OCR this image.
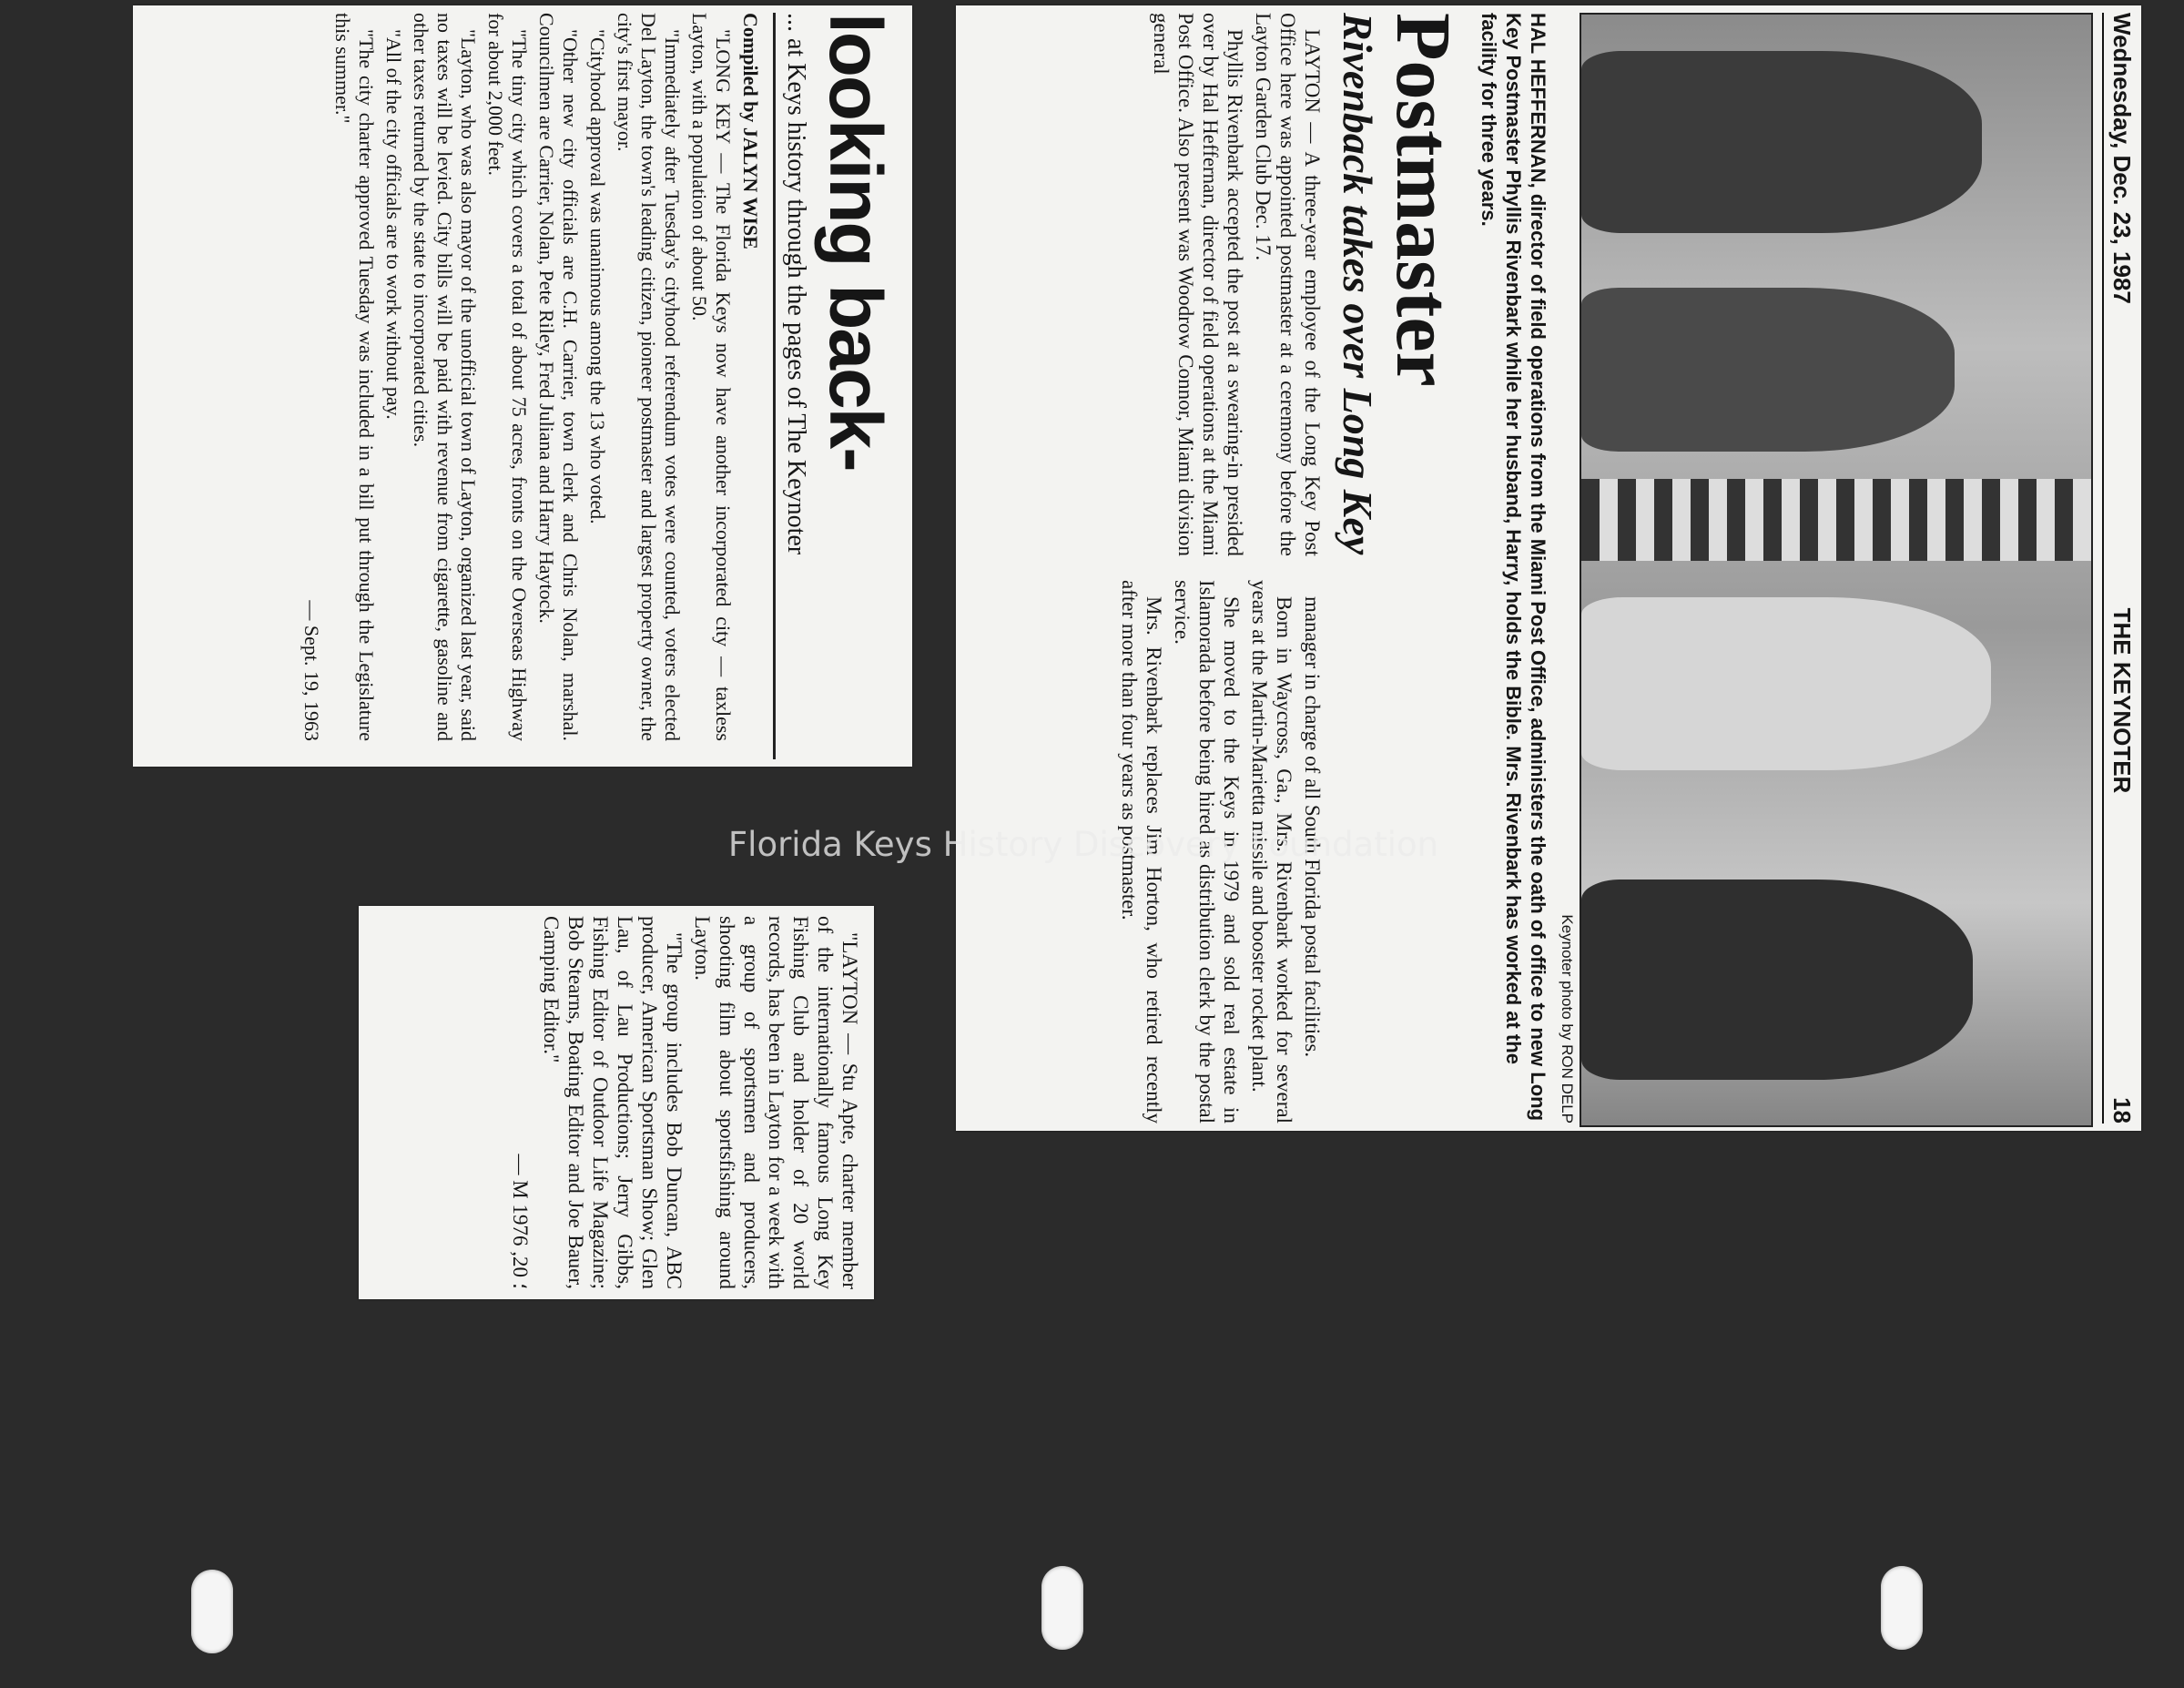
looking back-
... at Keys history through the pages of The Keynoter

Compiled by JALYN WISE

"LONG KEY — The Florida Keys now have another incorporated city — taxless Layton, with a population of about 50.

"Immediately after Tuesday's cityhood referendum votes were counted, voters elected Del Layton, the town's leading citizen, pioneer postmaster and largest property owner, the city's first mayor.

"Cityhood approval was unanimous among the 13 who voted.

"Other new city officials are C.H. Carrier, town clerk and Chris Nolan, marshal. Councilmen are Carrier, Nolan, Pete Riley, Fred Juliana and Harry Haytock.

"The tiny city which covers a total of about 75 acres, fronts on the Overseas Highway for about 2,000 feet.

"Layton, who was also mayor of the unofficial town of Layton, organized last year, said no taxes will be levied. City bills will be paid with revenue from cigarette, gasoline and other taxes returned by the state to incorporated cities.

"All of the city officials are to work without pay.

"The city charter approved Tuesday was included in a bill put through the Legislature this summer."

— Sept. 19, 1963
Wednesday, Dec. 23, 1987
THE KEYNOTER
18
Keynoter photo by RON DELP
HAL HEFFERNAN, director of field operations from the Miami Post Office, administers the oath of office to new Long Key Postmaster Phyllis Rivenbark while her husband, Harry, holds the Bible. Mrs. Rivenbark has worked at the facility for three years.
Postmaster
Rivenback takes over Long Key

LAYTON — A three-year employee of the Long Key Post Office here was appointed postmaster at a ceremony before the Layton Garden Club Dec. 17.

Phyllis Rivenbark accepted the post at a swearing-in presided over by Hal Heffernan, director of field operations at the Miami Post Office. Also present was Woodrow Connor, Miami division general

manager in charge of all South Florida postal facilities.

Born in Waycross, Ga., Mrs. Rivenbark worked for several years at the Martin-Marietta missile and booster rocket plant.

She moved to the Keys in 1979 and sold real estate in Islamorada before being hired as distribution clerk by the postal service.

Mrs. Rivenbark replaces Jim Horton, who retired recently after more than four years as postmaster.

"LAYTON — Stu Apte, charter member of the internationally famous Long Key Fishing Club and holder of 20 world records, has been in Layton for a week with a group of sportsmen and producers, shooting film about sportsfishing around Layton.

"The group includes Bob Duncan, ABC producer, American Sportsman Show; Glen Lau, of Lau Productions; Jerry Gibbs, Fishing Editor of Outdoor Life Magazine; Bob Stearns, Boating Editor and Joe Bauer, Camping Editor."

— M ؛ 20, 1976
Florida Keys History Discovery Foundation
